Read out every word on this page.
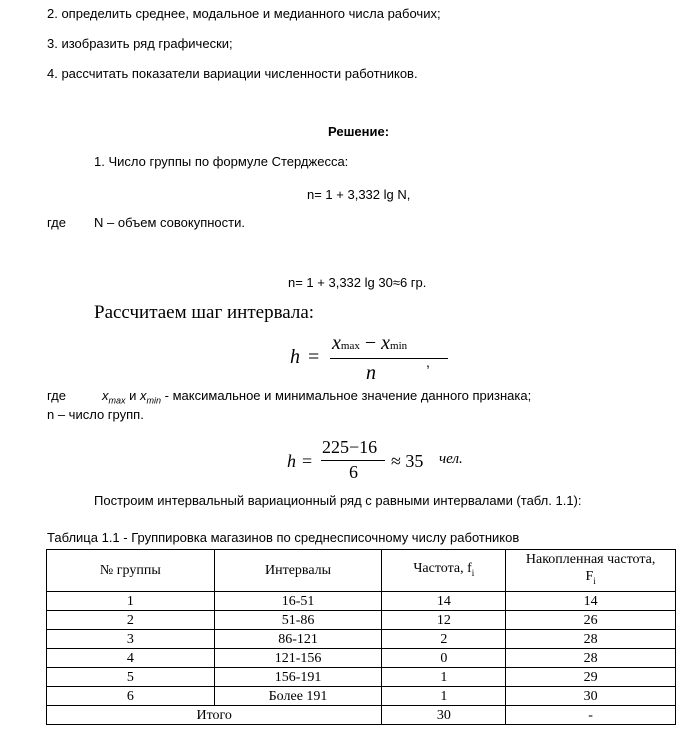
2. определить среднее, модальное и медианного числа рабочих;
3. изобразить ряд графически;
4. рассчитать показатели вариации численности работников.
Решение:
1. Число группы по формуле Стерджесса:
n= 1 + 3,332 lg N,
где N – объем совокупности.
n= 1 + 3,332 lg 30≈6 гр.
Рассчитаем шаг интервала:
h =
xmax − xmin
n	,
где	$x_{max}$ и $x_{min}$ - максимальное и минимальное значение данного признака;
n – число групп.
h =
225−16
6
≈ 35 чел.
Построим интервальный вариационный ряд с равными интервалами (табл. 1.1):
Таблица 1.1 - Группировка магазинов по среднесписочному числу работников
№ группы	Интервалы	Частота, $f_i$	Накопленная частота,
$F_i$
1	16-51	14	14
2	51-86	12	26
3	86-121	2	28
4	121-156	0	28
5	156-191	1	29
6	Более 191	1	30
Итого		30	-
